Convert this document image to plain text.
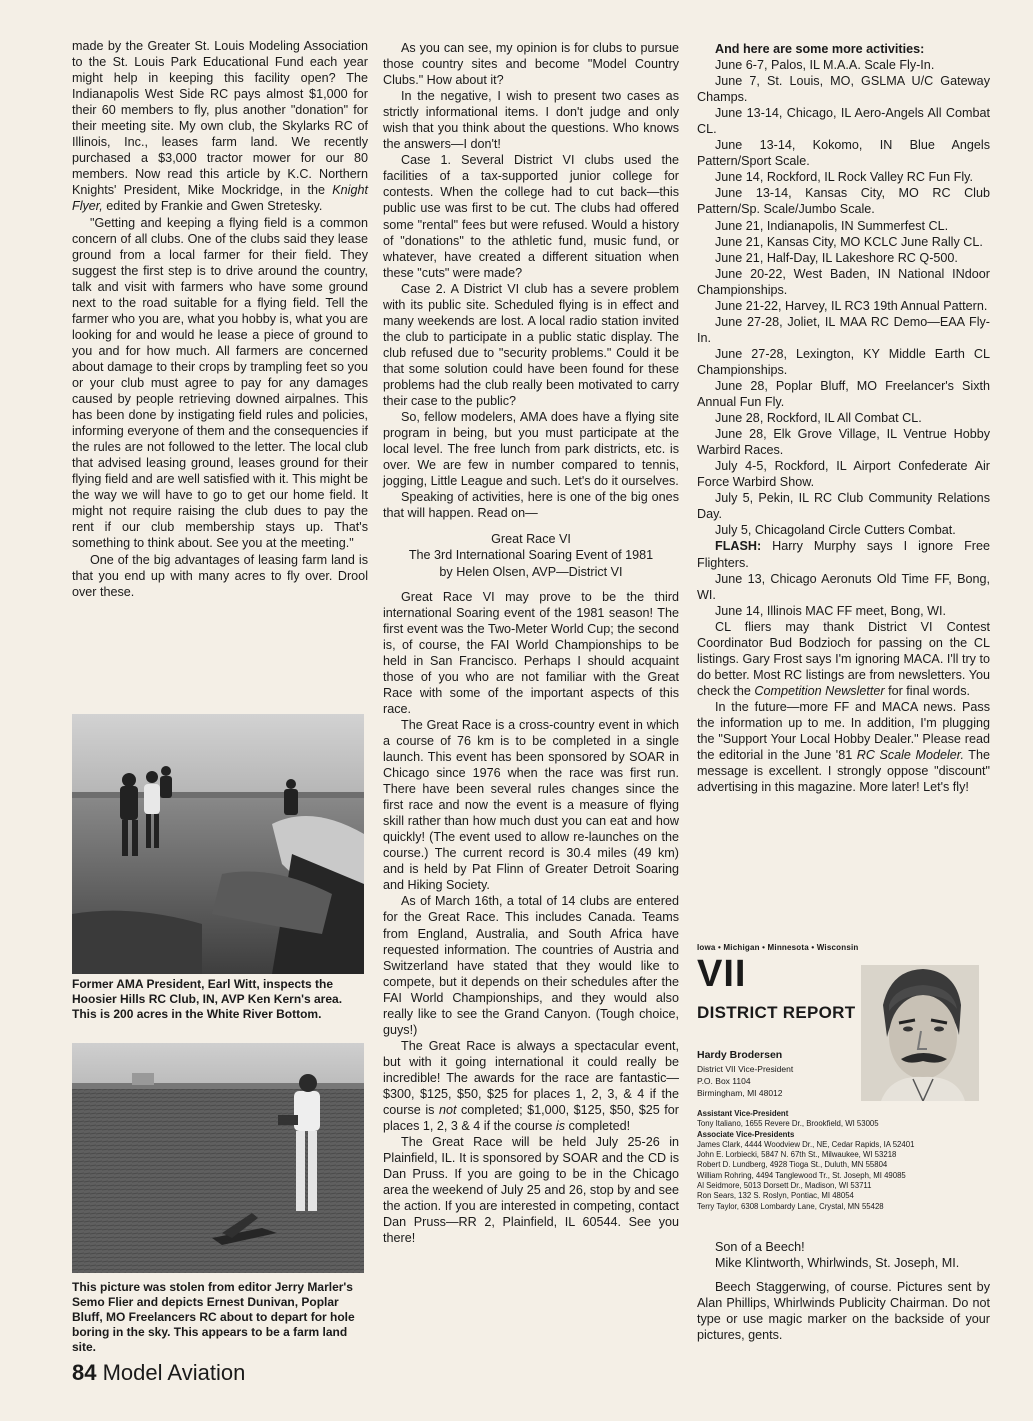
made by the Greater St. Louis Modeling Association to the St. Louis Park Educational Fund each year might help in keeping this facility open? The Indianapolis West Side RC pays almost $1,000 for their 60 members to fly, plus another "donation" for their meeting site. My own club, the Skylarks RC of Illinois, Inc., leases farm land. We recently purchased a $3,000 tractor mower for our 80 members. Now read this article by K.C. Northern Knights' President, Mike Mockridge, in the Knight Flyer, edited by Frankie and Gwen Stretesky.

"Getting and keeping a flying field is a common concern of all clubs. One of the clubs said they lease ground from a local farmer for their field. They suggest the first step is to drive around the country, talk and visit with farmers who have some ground next to the road suitable for a flying field. Tell the farmer who you are, what you hobby is, what you are looking for and would he lease a piece of ground to you and for how much. All farmers are concerned about damage to their crops by trampling feet so you or your club must agree to pay for any damages caused by people retrieving downed airpalnes. This has been done by instigating field rules and policies, informing everyone of them and the consequencies if the rules are not followed to the letter. The local club that advised leasing ground, leases ground for their flying field and are well satisfied with it. This might be the way we will have to go to get our home field. It might not require raising the club dues to pay the rent if our club membership stays up. That's something to think about. See you at the meeting."

One of the big advantages of leasing farm land is that you end up with many acres to fly over. Drool over these.

Former AMA President, Earl Witt, inspects the Hoosier Hills RC Club, IN, AVP Ken Kern's area. This is 200 acres in the White River Bottom.
This picture was stolen from editor Jerry Marler's Semo Flier and depicts Ernest Dunivan, Poplar Bluff, MO Freelancers RC about to depart for hole boring in the sky. This appears to be a farm land site.
84 Model Aviation

As you can see, my opinion is for clubs to pursue those country sites and become "Model Country Clubs." How about it?

In the negative, I wish to present two cases as strictly informational items. I don't judge and only wish that you think about the questions. Who knows the answers—I don't!

Case 1. Several District VI clubs used the facilities of a tax-supported junior college for contests. When the college had to cut back—this public use was first to be cut. The clubs had offered some "rental" fees but were refused. Would a history of "donations" to the athletic fund, music fund, or whatever, have created a different situation when these "cuts" were made?

Case 2. A District VI club has a severe problem with its public site. Scheduled flying is in effect and many weekends are lost. A local radio station invited the club to participate in a public static display. The club refused due to "security problems." Could it be that some solution could have been found for these problems had the club really been motivated to carry their case to the public?

So, fellow modelers, AMA does have a flying site program in being, but you must participate at the local level. The free lunch from park districts, etc. is over. We are few in number compared to tennis, jogging, Little League and such. Let's do it ourselves.

Speaking of activities, here is one of the big ones that will happen. Read on—

Great Race VI

The 3rd International Soaring Event of 1981

by Helen Olsen, AVP—District VI

Great Race VI may prove to be the third international Soaring event of the 1981 season! The first event was the Two-Meter World Cup; the second is, of course, the FAI World Championships to be held in San Francisco. Perhaps I should acquaint those of you who are not familiar with the Great Race with some of the important aspects of this race.

The Great Race is a cross-country event in which a course of 76 km is to be completed in a single launch. This event has been sponsored by SOAR in Chicago since 1976 when the race was first run. There have been several rules changes since the first race and now the event is a measure of flying skill rather than how much dust you can eat and how quickly! (The event used to allow re-launches on the course.) The current record is 30.4 miles (49 km) and is held by Pat Flinn of Greater Detroit Soaring and Hiking Society.

As of March 16th, a total of 14 clubs are entered for the Great Race. This includes Canada. Teams from England, Australia, and South Africa have requested information. The countries of Austria and Switzerland have stated that they would like to compete, but it depends on their schedules after the FAI World Championships, and they would also really like to see the Grand Canyon. (Tough choice, guys!)

The Great Race is always a spectacular event, but with it going international it could really be incredible! The awards for the race are fantastic—$300, $125, $50, $25 for places 1, 2, 3, & 4 if the course is not completed; $1,000, $125, $50, $25 for places 1, 2, 3 & 4 if the course is completed!

The Great Race will be held July 25-26 in Plainfield, IL. It is sponsored by SOAR and the CD is Dan Pruss. If you are going to be in the Chicago area the weekend of July 25 and 26, stop by and see the action. If you are interested in competing, contact Dan Pruss—RR 2, Plainfield, IL 60544. See you there!

And here are some more activities:

June 6-7, Palos, IL M.A.A. Scale Fly-In.

June 7, St. Louis, MO, GSLMA U/C Gateway Champs.

June 13-14, Chicago, IL Aero-Angels All Combat CL.

June 13-14, Kokomo, IN Blue Angels Pattern/Sport Scale.

June 14, Rockford, IL Rock Valley RC Fun Fly.

June 13-14, Kansas City, MO RC Club Pattern/Sp. Scale/Jumbo Scale.

June 21, Indianapolis, IN Summerfest CL.

June 21, Kansas City, MO KCLC June Rally CL.

June 21, Half-Day, IL Lakeshore RC Q-500.

June 20-22, West Baden, IN National INdoor Championships.

June 21-22, Harvey, IL RC3 19th Annual Pattern.

June 27-28, Joliet, IL MAA RC Demo—EAA Fly-In.

June 27-28, Lexington, KY Middle Earth CL Championships.

June 28, Poplar Bluff, MO Freelancer's Sixth Annual Fun Fly.

June 28, Rockford, IL All Combat CL.

June 28, Elk Grove Village, IL Ventrue Hobby Warbird Races.

July 4-5, Rockford, IL Airport Confederate Air Force Warbird Show.

July 5, Pekin, IL RC Club Community Relations Day.

July 5, Chicagoland Circle Cutters Combat.

FLASH: Harry Murphy says I ignore Free Flighters.

June 13, Chicago Aeronuts Old Time FF, Bong, WI.

June 14, Illinois MAC FF meet, Bong, WI.

CL fliers may thank District VI Contest Coordinator Bud Bodzioch for passing on the CL listings. Gary Frost says I'm ignoring MACA. I'll try to do better. Most RC listings are from newsletters. You check the Competition Newsletter for final words.

In the future—more FF and MACA news. Pass the information up to me. In addition, I'm plugging the "Support Your Local Hobby Dealer." Please read the editorial in the June '81 RC Scale Modeler. The message is excellent. I strongly oppose "discount" advertising in this magazine. More later! Let's fly!

Iowa • Michigan • Minnesota • Wisconsin
VII
DISTRICT REPORT
Hardy Brodersen
District VII Vice-President
P.O. Box 1104
Birmingham, MI 48012
Assistant Vice-President
Tony Italiano, 1655 Revere Dr., Brookfield, WI 53005
Associate Vice-Presidents
James Clark, 4444 Woodview Dr., NE, Cedar Rapids, IA 52401
John E. Lorbiecki, 5847 N. 67th St., Milwaukee, WI 53218
Robert D. Lundberg, 4928 Tioga St., Duluth, MN 55804
William Rohring, 4494 Tanglewood Tr., St. Joseph, MI 49085
Al Seidmore, 5013 Dorsett Dr., Madison, WI 53711
Ron Sears, 132 S. Roslyn, Pontiac, MI 48054
Terry Taylor, 6308 Lombardy Lane, Crystal, MN 55428

Son of a Beech!

Mike Klintworth, Whirlwinds, St. Joseph, MI.

Beech Staggerwing, of course. Pictures sent by Alan Phillips, Whirlwinds Publicity Chairman. Do not type or use magic marker on the backside of your pictures, gents.
